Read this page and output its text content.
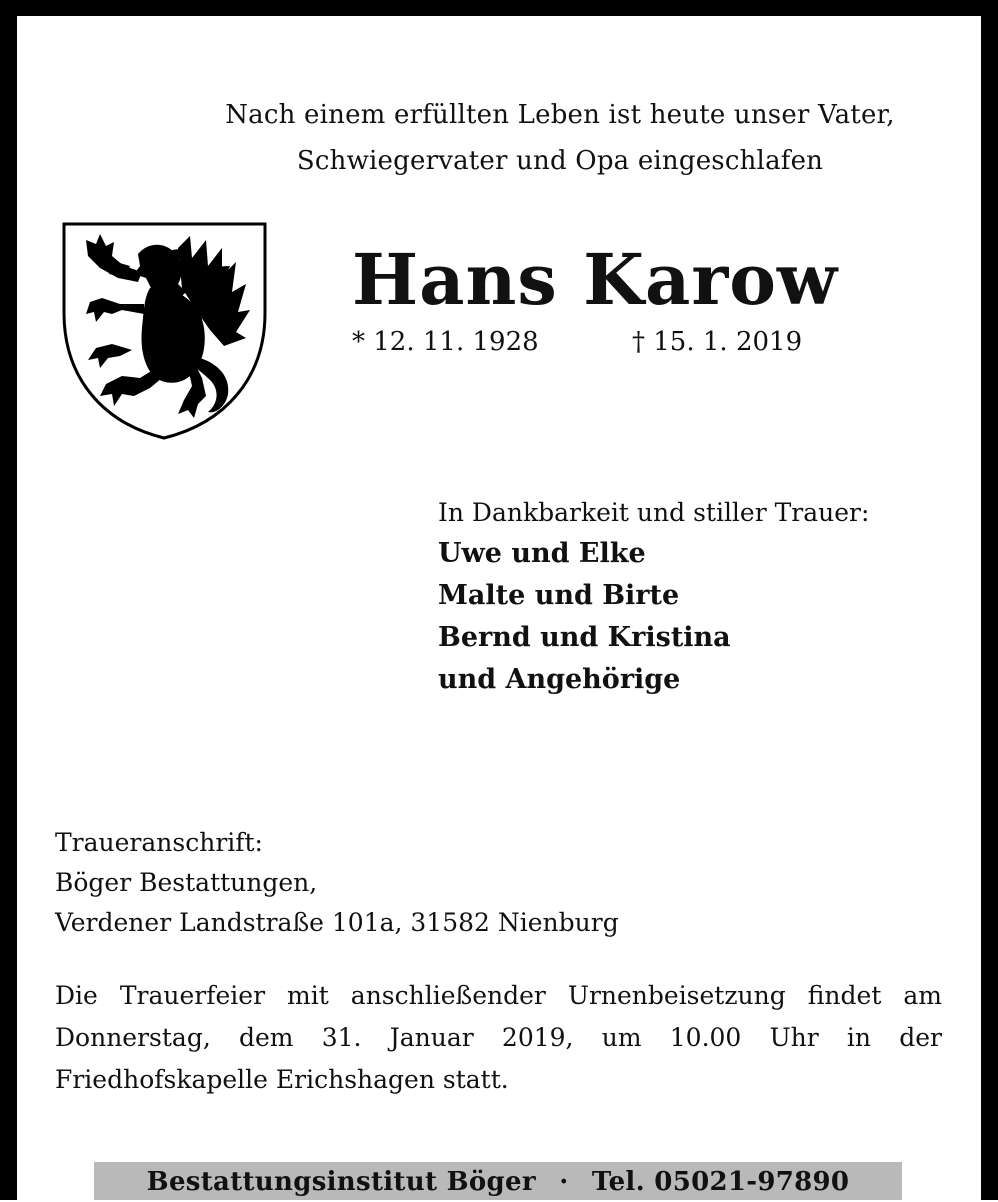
Nach einem erfüllten Leben ist heute unser Vater,
Schwiegervater und Opa eingeschlafen
Hans Karow
* 12. 11. 1928	† 15. 1. 2019
In Dankbarkeit und stiller Trauer:
Uwe und Elke
Malte und Birte
Bernd und Kristina
und Angehörige
Traueranschrift:
Böger Bestattungen,
Verdener Landstraße 101a, 31582 Nienburg

Die Trauerfeier mit anschließender Urnenbeisetzung findet am Donnerstag, dem 31. Januar 2019, um 10.00 Uhr in der Friedhofskapelle Erichshagen statt.

Bestattungsinstitut Böger · Tel. 05021-97890
